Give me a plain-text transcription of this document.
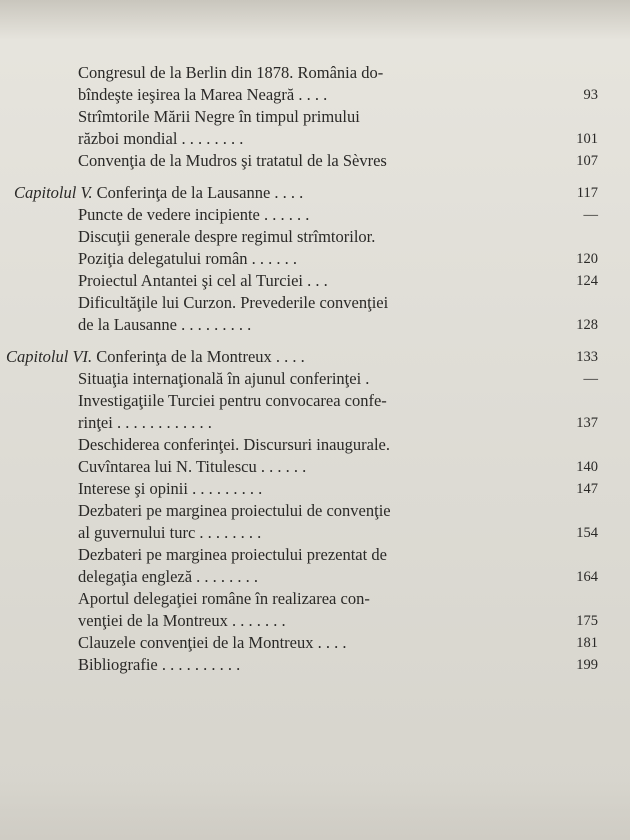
Congresul de la Berlin din 1878. România do-
bîndeşte ieşirea la Marea Neagră . . . .	93
Strîmtorile Mării Negre în timpul primului
război mondial . . . . . . . .	101
Convenţia de la Mudros şi tratatul de la Sèvres	107
Capitolul V. Conferinţa de la Lausanne . . . .	117
Puncte de vedere incipiente . . . . . .	—
Discuţii generale despre regimul strîmtorilor.
Poziţia delegatului român . . . . . .	120
Proiectul Antantei şi cel al Turciei . . .	124
Dificultăţile lui Curzon. Prevederile convenţiei
de la Lausanne . . . . . . . . .	128
Capitolul VI. Conferinţa de la Montreux . . . .	133
Situaţia internaţională în ajunul conferinţei .	—
Investigaţiile Turciei pentru convocarea confe-
rinţei . . . . . . . . . . . .	137
Deschiderea conferinţei. Discursuri inaugurale.
Cuvîntarea lui N. Titulescu . . . . . .	140
Interese şi opinii . . . . . . . . .	147
Dezbateri pe marginea proiectului de convenţie
al guvernului turc . . . . . . . .	154
Dezbateri pe marginea proiectului prezentat de
delegaţia engleză . . . . . . . .	164
Aportul delegaţiei române în realizarea con-
venţiei de la Montreux . . . . . . .	175
Clauzele convenţiei de la Montreux . . . .	181
Bibliografie . . . . . . . . . .	199
